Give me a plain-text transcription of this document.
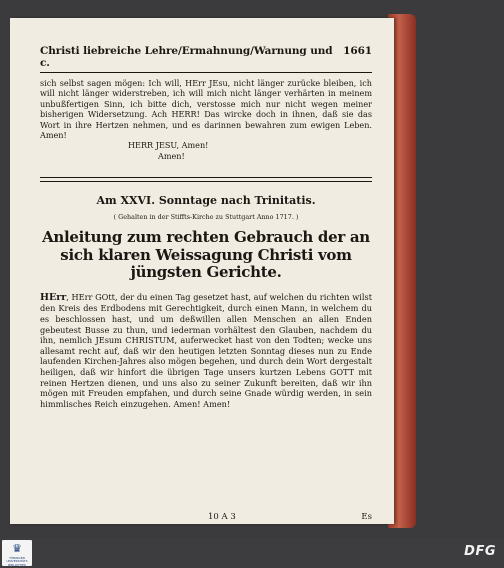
Christi liebreiche Lehre/Ermahnung/Warnung und c.
1661
sich selbst sagen mögen: Ich will, HErr JEsu, nicht länger zurücke bleiben, ich will nicht länger widerstreben, ich will mich nicht länger verhärten in meinem unbußfertigen Sinn, ich bitte dich, verstosse mich nur nicht wegen meiner bisherigen Widersetzung. Ach HERR! Das wircke doch in ihnen, daß sie das Wort in ihre Hertzen nehmen, und es darinnen bewahren zum ewigen Leben. Amen!
HERR JESU, Amen!
Amen!
Am XXVI. Sonntage nach Trinitatis.
( Gehalten in der Stiffts-Kirche zu Stuttgart Anno 1717. )
Anleitung zum rechten Gebrauch der an sich klaren Weissagung Christi vom jüngsten Gerichte.
HErr, HErr GOtt, der du einen Tag gesetzet hast, auf welchen du richten wilst den Kreis des Erdbodens mit Gerechtigkeit, durch einen Mann, in welchem du es beschlossen hast, und um deßwillen allen Menschen an allen Enden gebeutest Busse zu thun, und iederman vorhältest den Glauben, nachdem du ihn, nemlich JEsum CHRISTUM, auferwecket hast von den Todten; wecke uns allesamt recht auf, daß wir den heutigen letzten Sonntag dieses nun zu Ende laufenden Kirchen-Jahres also mögen begehen, und durch dein Wort dergestalt heiligen, daß wir hinfort die übrigen Tage unsers kurtzen Lebens GOTT mit reinen Hertzen dienen, und uns also zu seiner Zukunft bereiten, daß wir ihn mögen mit Freuden empfahen, und durch seine Gnade würdig werden, in sein himmlisches Reich einzugehen. Amen! Amen!
10 A 3	Es
♛
TÜBINGEN UNIVERSITÄTS BIBLIOTHEK
DFG
